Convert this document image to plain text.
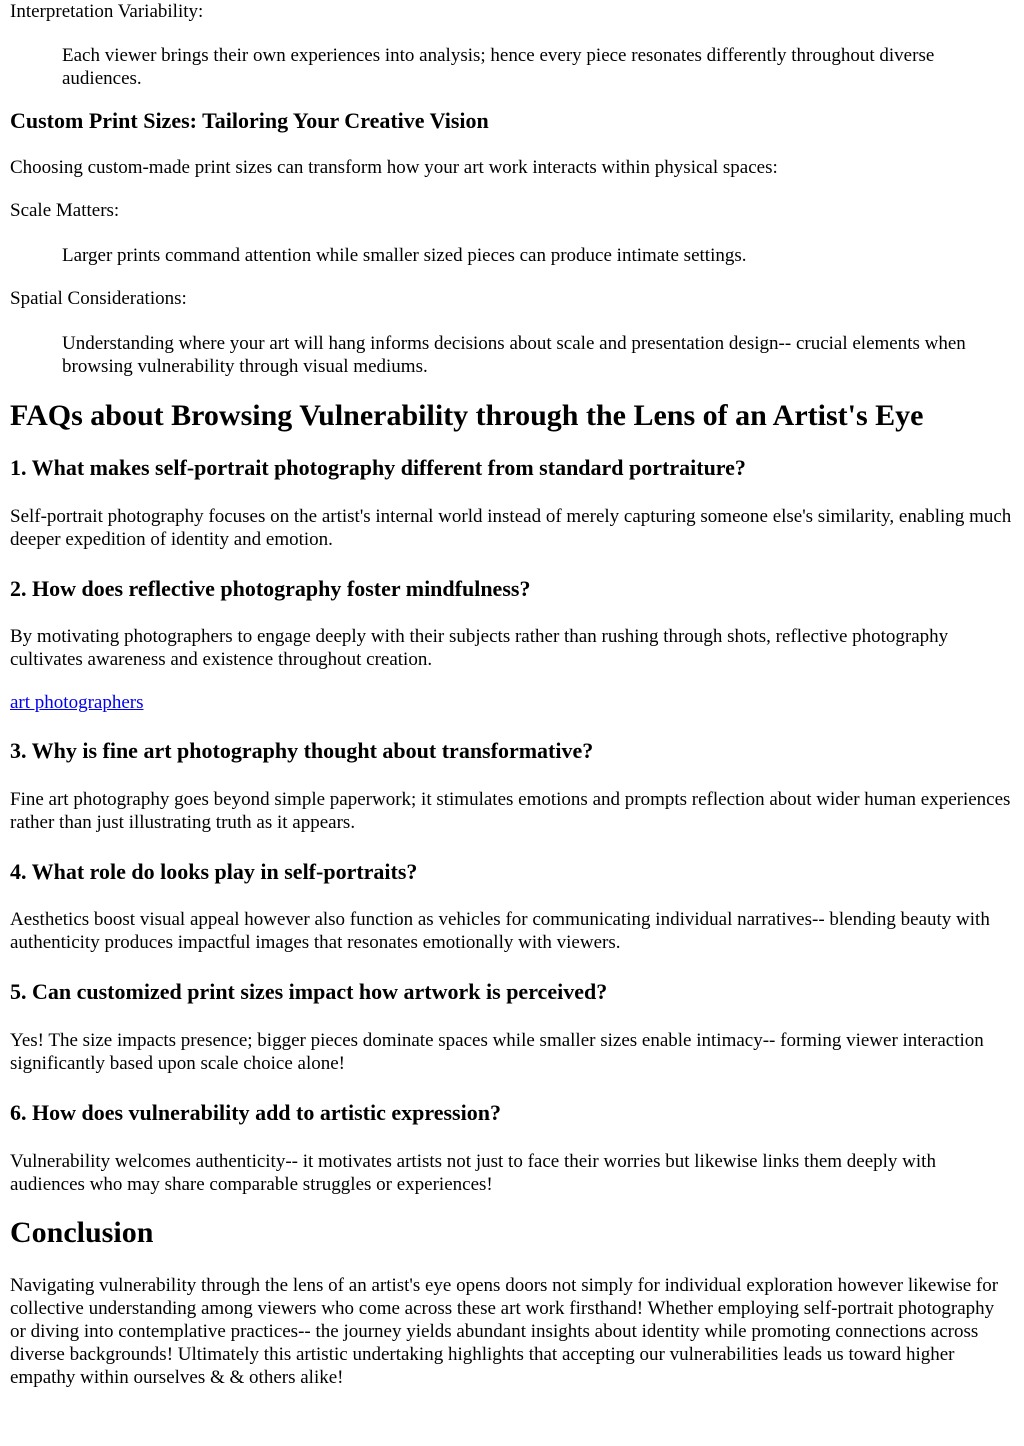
Interpretation Variability:

Each viewer brings their own experiences into analysis; hence every piece resonates differently throughout diverse audiences.

Custom Print Sizes: Tailoring Your Creative Vision

Choosing custom-made print sizes can transform how your art work interacts within physical spaces:

Scale Matters:

Larger prints command attention while smaller sized pieces can produce intimate settings.

Spatial Considerations:

Understanding where your art will hang informs decisions about scale and presentation design-- crucial elements when browsing vulnerability through visual mediums.

FAQs about Browsing Vulnerability through the Lens of an Artist's Eye
1. What makes self-portrait photography different from standard portraiture?

Self-portrait photography focuses on the artist's internal world instead of merely capturing someone else's similarity, enabling much deeper expedition of identity and emotion.

2. How does reflective photography foster mindfulness?

By motivating photographers to engage deeply with their subjects rather than rushing through shots, reflective photography cultivates awareness and existence throughout creation.

art photographers

3. Why is fine art photography thought about transformative?

Fine art photography goes beyond simple paperwork; it stimulates emotions and prompts reflection about wider human experiences rather than just illustrating truth as it appears.

4. What role do looks play in self-portraits?

Aesthetics boost visual appeal however also function as vehicles for communicating individual narratives-- blending beauty with authenticity produces impactful images that resonates emotionally with viewers.

5. Can customized print sizes impact how artwork is perceived?

Yes! The size impacts presence; bigger pieces dominate spaces while smaller sizes enable intimacy-- forming viewer interaction significantly based upon scale choice alone!

6. How does vulnerability add to artistic expression?

Vulnerability welcomes authenticity-- it motivates artists not just to face their worries but likewise links them deeply with audiences who may share comparable struggles or experiences!

Conclusion

Navigating vulnerability through the lens of an artist's eye opens doors not simply for individual exploration however likewise for collective understanding among viewers who come across these art work firsthand! Whether employing self-portrait photography or diving into contemplative practices-- the journey yields abundant insights about identity while promoting connections across diverse backgrounds! Ultimately this artistic undertaking highlights that accepting our vulnerabilities leads us toward higher empathy within ourselves & & others alike!
